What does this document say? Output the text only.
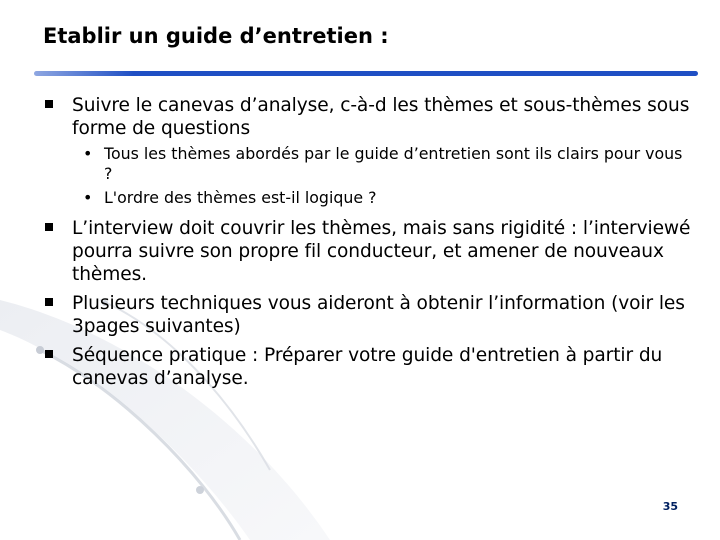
Etablir un guide d’entretien :
Suivre le canevas d’analyse, c-à-d les thèmes et sous-thèmes sous forme de questions
• Tous les thèmes abordés par le guide d’entretien sont ils clairs pour vous ?
• L'ordre des thèmes est-il logique ?
L’interview doit couvrir les thèmes, mais sans rigidité : l’interviewé pourra suivre son propre fil conducteur, et amener de nouveaux thèmes.
Plusieurs techniques vous aideront à obtenir l’information (voir les 3pages suivantes)
Séquence pratique : Préparer votre guide d'entretien à partir du canevas d’analyse.
35
